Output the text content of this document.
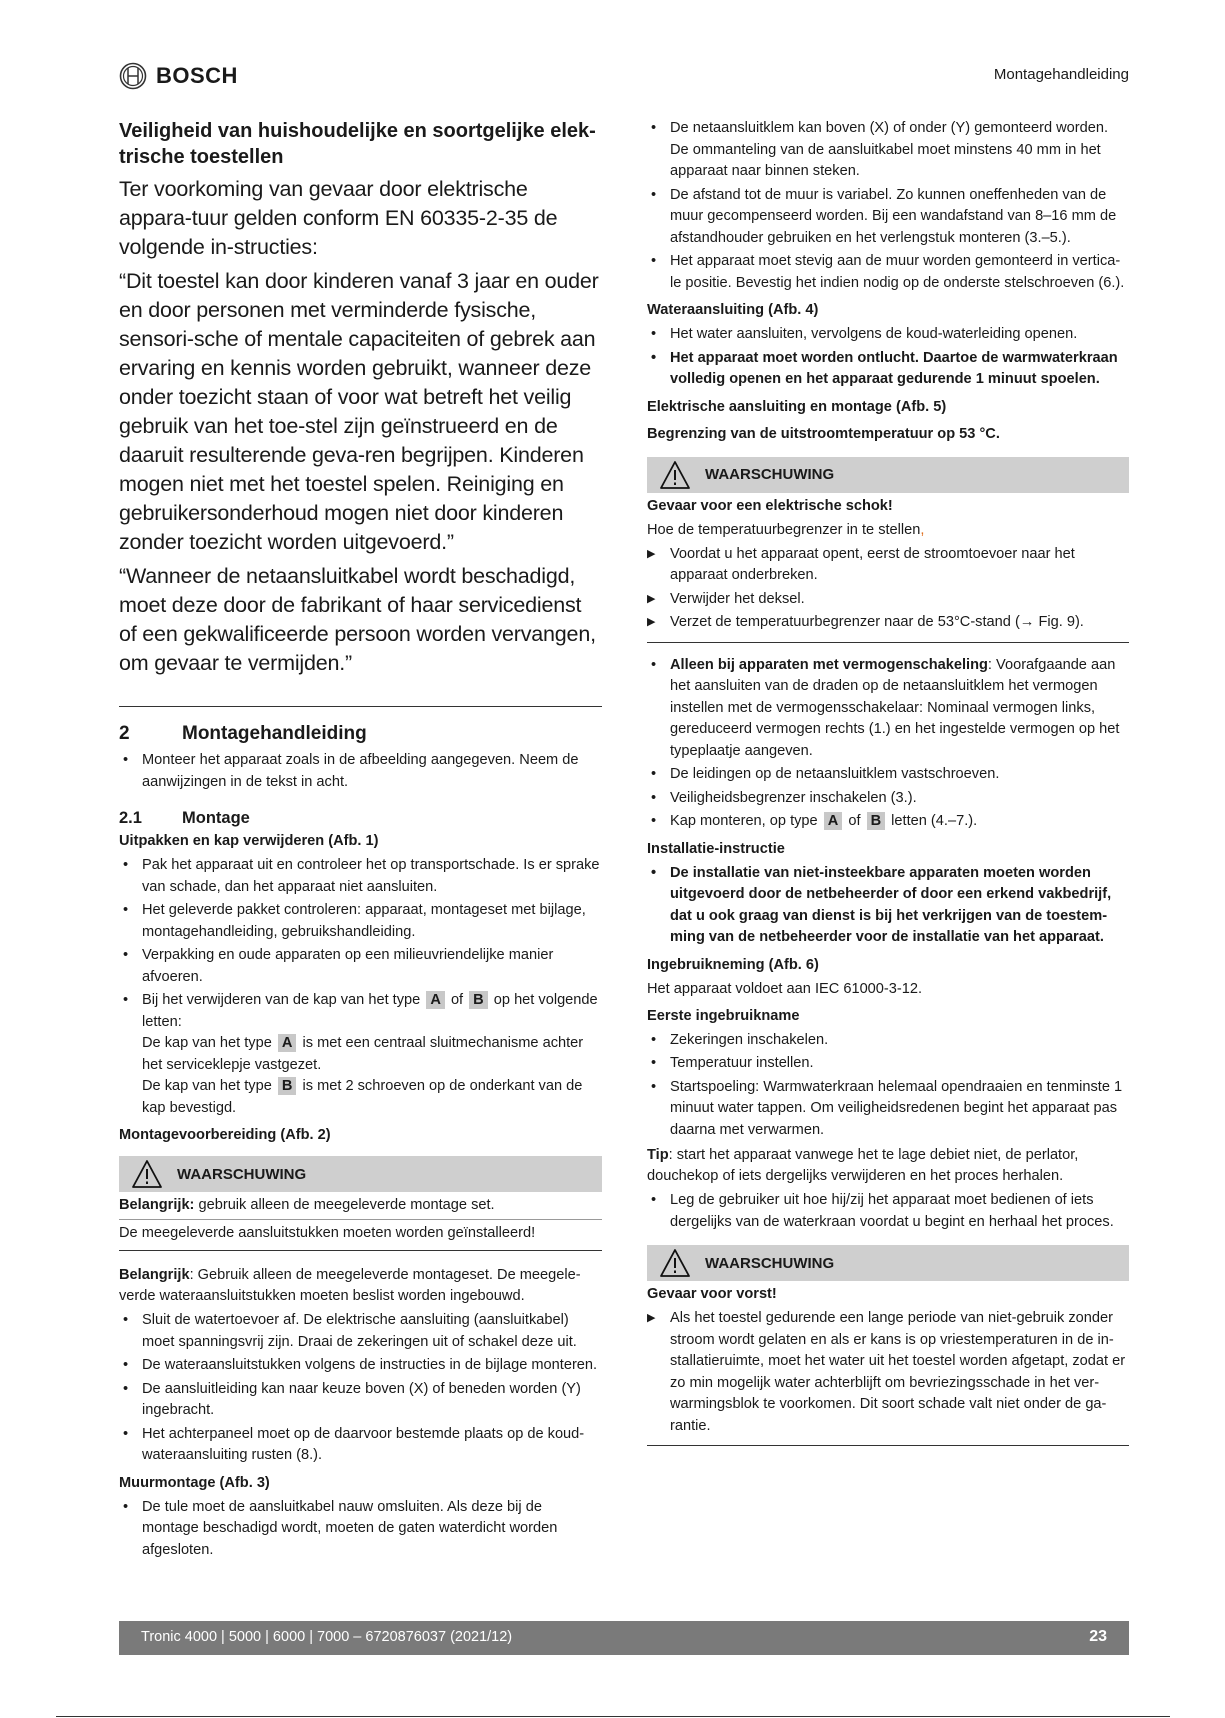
BOSCH	Montagehandleiding

Veiligheid van huishoudelijke en soortgelijke elek-trische toestellen

Ter voorkoming van gevaar door elektrische appara-tuur gelden conform EN 60335-2-35 de volgende in-structies:

“Dit toestel kan door kinderen vanaf 3 jaar en ouder en door personen met verminderde fysische, sensori-sche of mentale capaciteiten of gebrek aan ervaring en kennis worden gebruikt, wanneer deze onder toezicht staan of voor wat betreft het veilig gebruik van het toe-stel zijn geïnstrueerd en de daaruit resulterende geva-ren begrijpen. Kinderen mogen niet met het toestel spelen. Reiniging en gebruikersonderhoud mogen niet door kinderen zonder toezicht worden uitgevoerd.”

“Wanneer de netaansluitkabel wordt beschadigd, moet deze door de fabrikant of haar servicedienst of een gekwalificeerde persoon worden vervangen, om gevaar te vermijden.”

2	Montagehandleiding
• Monteer het apparaat zoals in de afbeelding aangegeven. Neem de aanwijzingen in de tekst in acht.
2.1	Montage

Uitpakken en kap verwijderen (Afb. 1)

• Pak het apparaat uit en controleer het op transportschade. Is er sprake van schade, dan het apparaat niet aansluiten.
• Het geleverde pakket controleren: apparaat, montageset met bijlage, montagehandleiding, gebruikshandleiding.
• Verpakking en oude apparaten op een milieuvriendelijke manier afvoeren.
• Bij het verwijderen van de kap van het type A of B op het volgende letten:
De kap van het type A is met een centraal sluitmechanisme achter het serviceklepje vastgezet.
De kap van het type B is met 2 schroeven op de onderkant van de kap bevestigd.

Montagevoorbereiding (Afb. 2)

WAARSCHUWING

Belangrijk: gebruik alleen de meegeleverde montage set.

De meegeleverde aansluitstukken moeten worden geïnstalleerd!

Belangrijk: Gebruik alleen de meegeleverde montageset. De meegele-verde wateraansluitstukken moeten beslist worden ingebouwd.

• Sluit de watertoevoer af. De elektrische aansluiting (aansluitkabel) moet spanningsvrij zijn. Draai de zekeringen uit of schakel deze uit.
• De wateraansluitstukken volgens de instructies in de bijlage monteren.
• De aansluitleiding kan naar keuze boven (X) of beneden worden (Y) ingebracht.
• Het achterpaneel moet op de daarvoor bestemde plaats op de koud-wateraansluiting rusten (8.).

Muurmontage (Afb. 3)

• De tule moet de aansluitkabel nauw omsluiten. Als deze bij de montage beschadigd wordt, moeten de gaten waterdicht worden afgesloten.
• De netaansluitklem kan boven (X) of onder (Y) gemonteerd worden. De ommanteling van de aansluitkabel moet minstens 40 mm in het apparaat naar binnen steken.
• De afstand tot de muur is variabel. Zo kunnen oneffenheden van de muur gecompenseerd worden. Bij een wandafstand van 8–16 mm de afstandhouder gebruiken en het verlengstuk monteren (3.–5.).
• Het apparaat moet stevig aan de muur worden gemonteerd in vertica-le positie. Bevestig het indien nodig op de onderste stelschroeven (6.).

Wateraansluiting (Afb. 4)

• Het water aansluiten, vervolgens de koud-waterleiding openen.
• Het apparaat moet worden ontlucht. Daartoe de warmwaterkraan volledig openen en het apparaat gedurende 1 minuut spoelen.

Elektrische aansluiting en montage (Afb. 5)

Begrenzing van de uitstroomtemperatuur op 53 °C.

WAARSCHUWING

Gevaar voor een elektrische schok!

Hoe de temperatuurbegrenzer in te stellen,

▶ Voordat u het apparaat opent, eerst de stroomtoevoer naar het apparaat onderbreken.
▶ Verwijder het deksel.
▶ Verzet de temperatuurbegrenzer naar de 53°C-stand (→ Fig. 9).
• Alleen bij apparaten met vermogenschakeling: Voorafgaande aan het aansluiten van de draden op de netaansluitklem het vermogen instellen met de vermogensschakelaar: Nominaal vermogen links, gereduceerd vermogen rechts (1.) en het ingestelde vermogen op het typeplaatje aangeven.
• De leidingen op de netaansluitklem vastschroeven.
• Veiligheidsbegrenzer inschakelen (3.).
• Kap monteren, op type A of B letten (4.–7.).

Installatie-instructie

• De installatie van niet-insteekbare apparaten moeten worden uitgevoerd door de netbeheerder of door een erkend vakbedrijf, dat u ook graag van dienst is bij het verkrijgen van de toestem-ming van de netbeheerder voor de installatie van het apparaat.

Ingebruikneming (Afb. 6)

Het apparaat voldoet aan IEC 61000-3-12.

Eerste ingebruikname

• Zekeringen inschakelen.
• Temperatuur instellen.
• Startspoeling: Warmwaterkraan helemaal opendraaien en tenminste 1 minuut water tappen. Om veiligheidsredenen begint het apparaat pas daarna met verwarmen.

Tip: start het apparaat vanwege het te lage debiet niet, de perlator, douchekop of iets dergelijks verwijderen en het proces herhalen.

• Leg de gebruiker uit hoe hij/zij het apparaat moet bedienen of iets dergelijks van de waterkraan voordat u begint en herhaal het proces.
WAARSCHUWING

Gevaar voor vorst!

▶ Als het toestel gedurende een lange periode van niet-gebruik zonder stroom wordt gelaten en als er kans is op vriestemperaturen in de in-stallatieruimte, moet het water uit het toestel worden afgetapt, zodat er zo min mogelijk water achterblijft om bevriezingsschade in het ver-warmingsblok te voorkomen. Dit soort schade valt niet onder de ga-rantie.
Tronic 4000 | 5000 | 6000 | 7000 – 6720876037 (2021/12)	23
